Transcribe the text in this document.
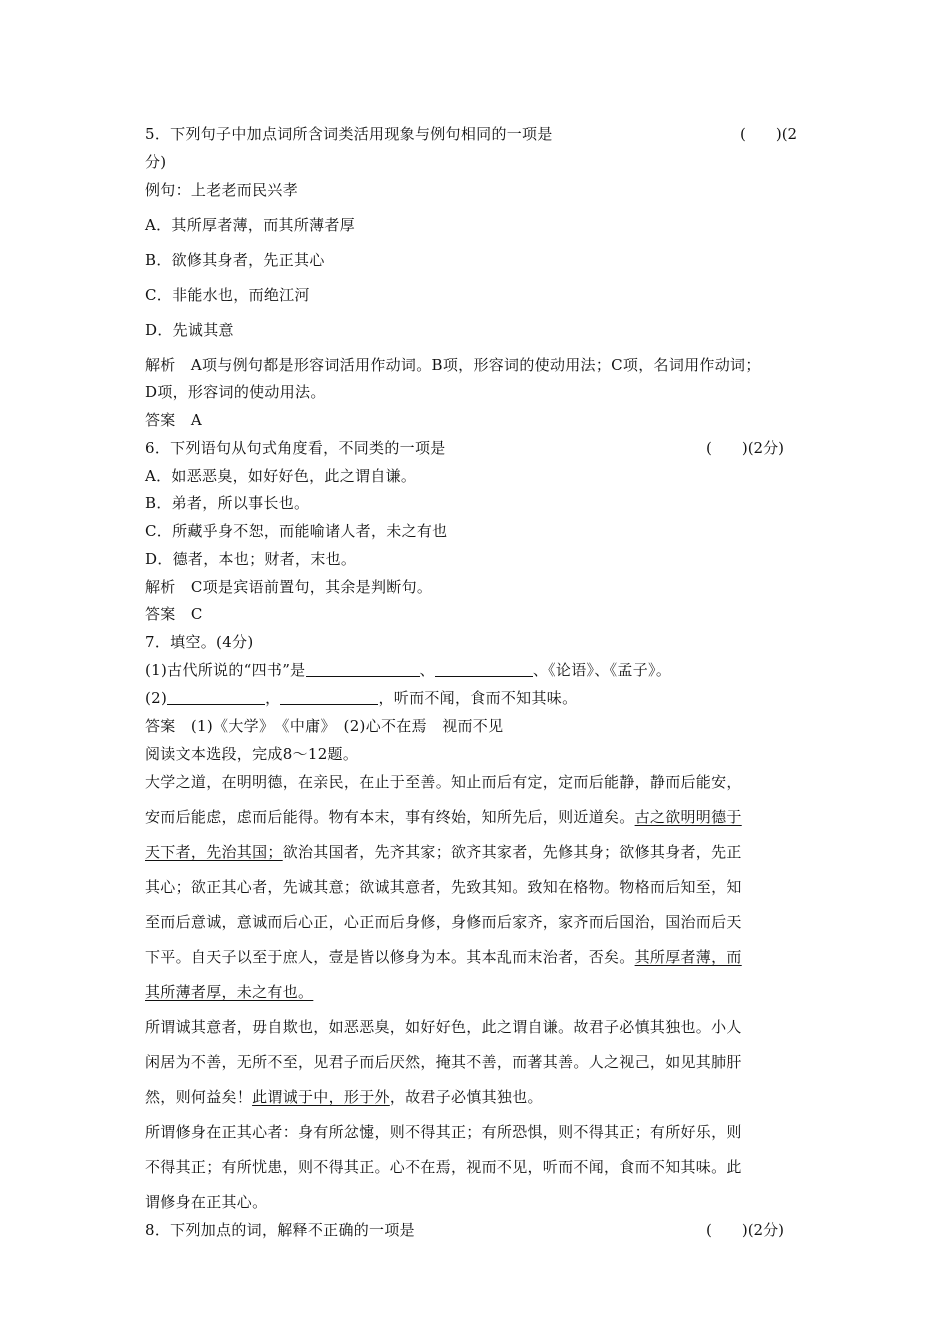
5．下列句子中加点词所含词类活用现象与例句相同的一项是	(　　)(2
分)
例句：上老老而民兴孝
A．其所厚者薄，而其所薄者厚
B．欲修其身者，先正其心
C．非能水也，而绝江河
D．先诚其意
解析　A项与例句都是形容词活用作动词。B项，形容词的使动用法；C项，名词用作动词；
D项，形容词的使动用法。
答案　A
6．下列语句从句式角度看，不同类的一项是	(　　)(2分)
A．如恶恶臭，如好好色，此之谓自谦。
B．弟者，所以事长也。
C．所藏乎身不恕，而能喻诸人者，未之有也
D．德者，本也；财者，末也。
解析　C项是宾语前置句，其余是判断句。
答案　C
7．填空。(4分)
(1)古代所说的“四书”是	、	、《论语》、《孟子》。
(2)	，	，听而不闻，食而不知其味。
答案　(1)《大学》　《中庸》　(2)心不在焉　视而不见
阅读文本选段，完成8～12题。
大学之道，在明明德，在亲民，在止于至善。知止而后有定，定而后能静，静而后能安，
安而后能虑，虑而后能得。物有本末，事有终始，知所先后，则近道矣。古之欲明明德于
天下者，先治其国；欲治其国者，先齐其家；欲齐其家者，先修其身；欲修其身者，先正
其心；欲正其心者，先诚其意；欲诚其意者，先致其知。致知在格物。物格而后知至，知
至而后意诚，意诚而后心正，心正而后身修，身修而后家齐，家齐而后国治，国治而后天
下平。自天子以至于庶人，壹是皆以修身为本。其本乱而末治者，否矣。其所厚者薄，而
其所薄者厚，未之有也。
所谓诚其意者，毋自欺也，如恶恶臭，如好好色，此之谓自谦。故君子必慎其独也。小人
闲居为不善，无所不至，见君子而后厌然，掩其不善，而著其善。人之视己，如见其肺肝
然，则何益矣！此谓诚于中，形于外，故君子必慎其独也。
所谓修身在正其心者：身有所忿懥，则不得其正；有所恐惧，则不得其正；有所好乐，则
不得其正；有所忧患，则不得其正。心不在焉，视而不见，听而不闻，食而不知其味。此
谓修身在正其心。
8．下列加点的词，解释不正确的一项是	(　　)(2分)
